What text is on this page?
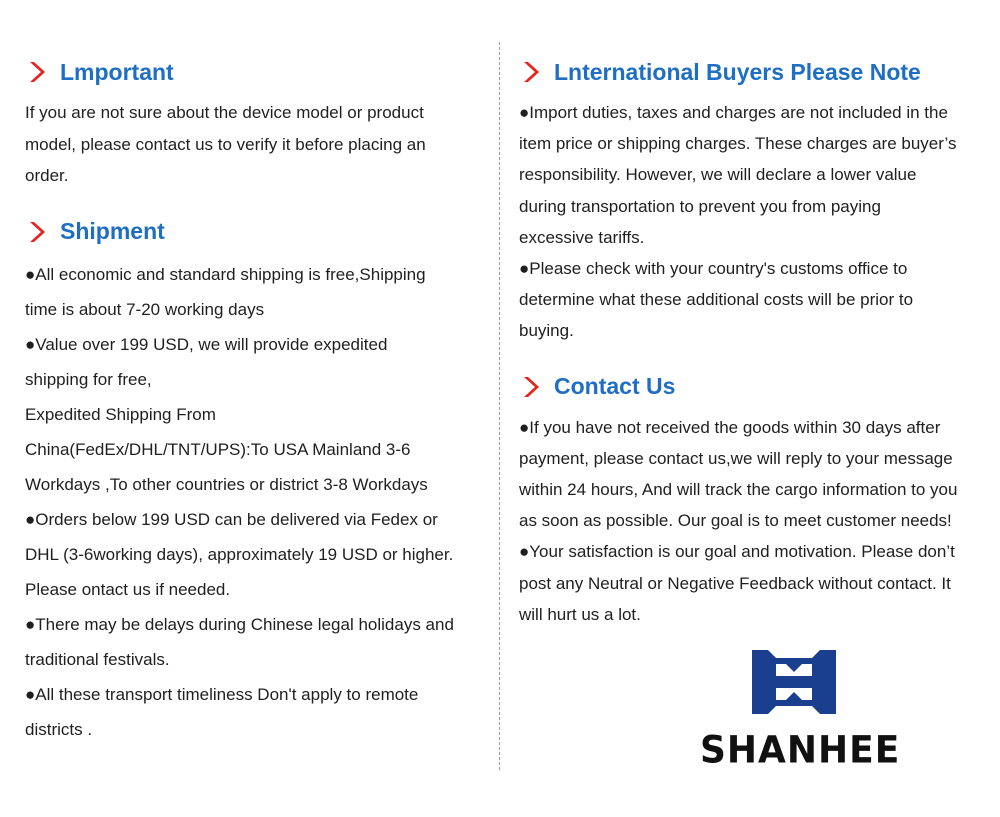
Lmportant

If you are not sure about the device model or product

model, please contact us to verify it before placing an

order.

Shipment

●All economic and standard shipping is free,Shipping

time is about 7-20 working days

●Value over 199 USD, we will provide expedited

shipping for free,

Expedited Shipping From

China(FedEx/DHL/TNT/UPS):To USA Mainland 3-6

Workdays ,To other countries or district 3-8 Workdays

●Orders below 199 USD can be delivered via Fedex or

DHL (3-6working days), approximately 19 USD or higher.

Please ontact us if needed.

●There may be delays during Chinese legal holidays and

traditional festivals.

●All these transport timeliness Don't apply to remote

districts .

Lnternational Buyers Please Note

●Import duties, taxes and charges are not included in the

item price or shipping charges. These charges are buyer’s

responsibility. However, we will declare a lower value

during transportation to prevent you from paying

excessive tariffs.

●Please check with your country's customs office to

determine what these additional costs will be prior to

buying.

Contact Us

●If you have not received the goods within 30 days after

payment, please contact us,we will reply to your message

within 24 hours, And will track the cargo information to you

as soon as possible. Our goal is to meet customer needs!

●Your satisfaction is our goal and motivation. Please don’t

post any Neutral or Negative Feedback without contact. It

will hurt us a lot.

SHANHEE
